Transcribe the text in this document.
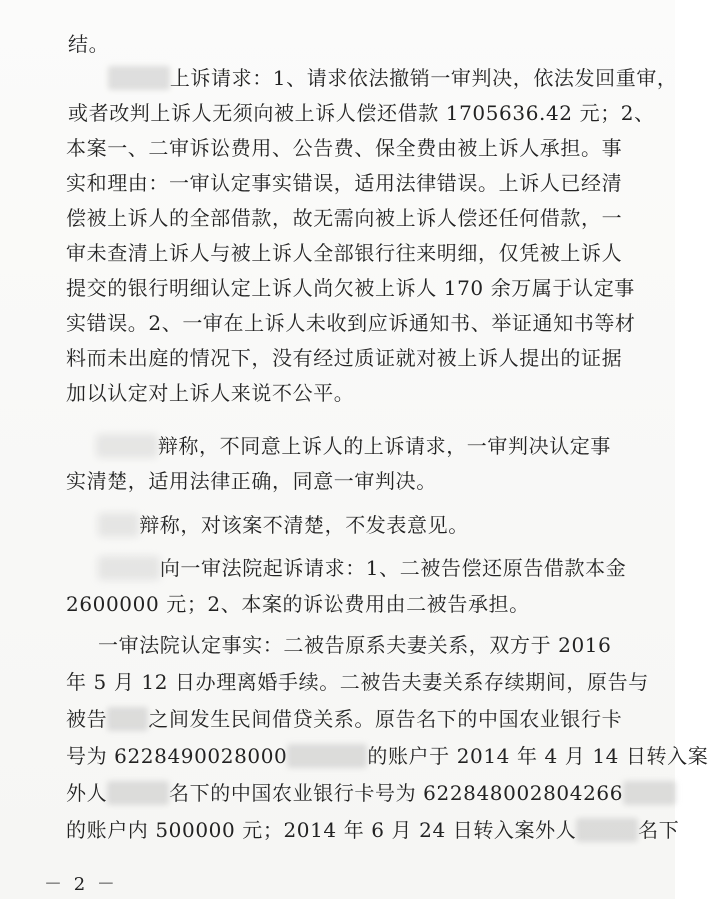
结。
上诉请求：1、请求依法撤销一审判决，依法发回重审，
或者改判上诉人无须向被上诉人偿还借款 1705636.42 元；2、
本案一、二审诉讼费用、公告费、保全费由被上诉人承担。事
实和理由：一审认定事实错误，适用法律错误。上诉人已经清
偿被上诉人的全部借款，故无需向被上诉人偿还任何借款，一
审未查清上诉人与被上诉人全部银行往来明细，仅凭被上诉人
提交的银行明细认定上诉人尚欠被上诉人 170 余万属于认定事
实错误。2、一审在上诉人未收到应诉通知书、举证通知书等材
料而未出庭的情况下，没有经过质证就对被上诉人提出的证据
加以认定对上诉人来说不公平。
辩称，不同意上诉人的上诉请求，一审判决认定事
实清楚，适用法律正确，同意一审判决。
辩称，对该案不清楚，不发表意见。
向一审法院起诉请求：1、二被告偿还原告借款本金
2600000 元；2、本案的诉讼费用由二被告承担。
一审法院认定事实：二被告原系夫妻关系，双方于 2016
年 5 月 12 日办理离婚手续。二被告夫妻关系存续期间，原告与
被告 之间发生民间借贷关系。原告名下的中国农业银行卡
号为 6228490028000	的账户于 2014 年 4 月 14 日转入案
外人	名下的中国农业银行卡号为 622848002804266
的账户内 500000 元；2014 年 6 月 24 日转入案外人	名下
－ 2 －
